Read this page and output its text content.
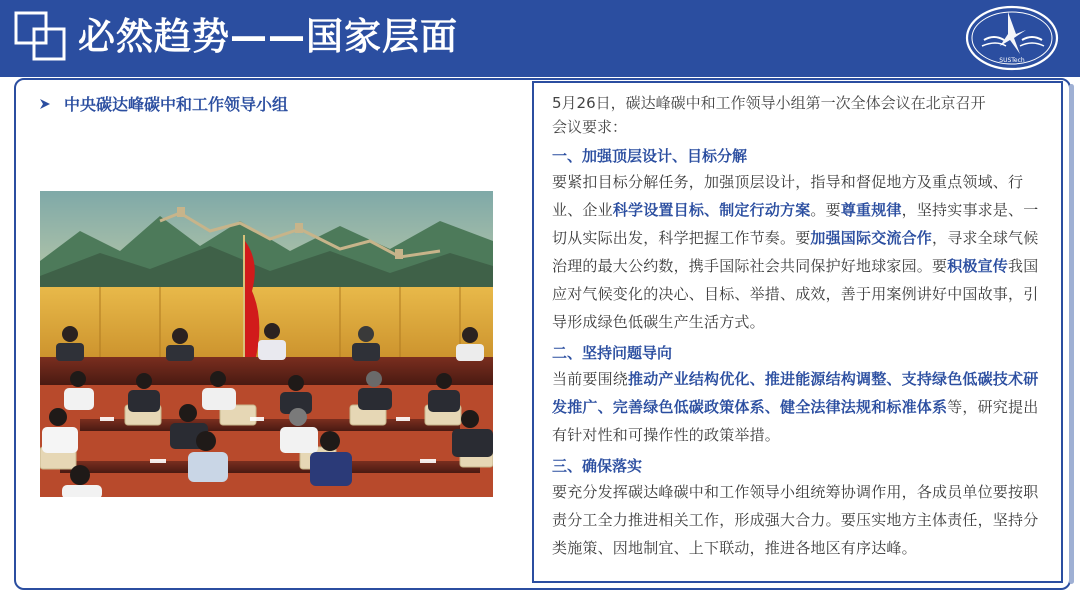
必然趋势——国家层面
SUSTech
中央碳达峰碳中和工作领导小组	5月26日，碳达峰碳中和工作领导小组第一次全体会议在北京召开
会议要求：
一、加强顶层设计、目标分解
要紧扣目标分解任务，加强顶层设计，指导和督促地方及重点领域、行业、企业科学设置目标、制定行动方案。要尊重规律，坚持实事求是、一切从实际出发，科学把握工作节奏。要加强国际交流合作，寻求全球气候治理的最大公约数，携手国际社会共同保护好地球家园。要积极宣传我国应对气候变化的决心、目标、举措、成效，善于用案例讲好中国故事，引导形成绿色低碳生产生活方式。
二、坚持问题导向
当前要围绕推动产业结构优化、推进能源结构调整、支持绿色低碳技术研发推广、完善绿色低碳政策体系、健全法律法规和标准体系等，研究提出有针对性和可操作性的政策举措。
三、确保落实
要充分发挥碳达峰碳中和工作领导小组统筹协调作用，各成员单位要按职责分工全力推进相关工作，形成强大合力。要压实地方主体责任，坚持分类施策、因地制宜、上下联动，推进各地区有序达峰。
